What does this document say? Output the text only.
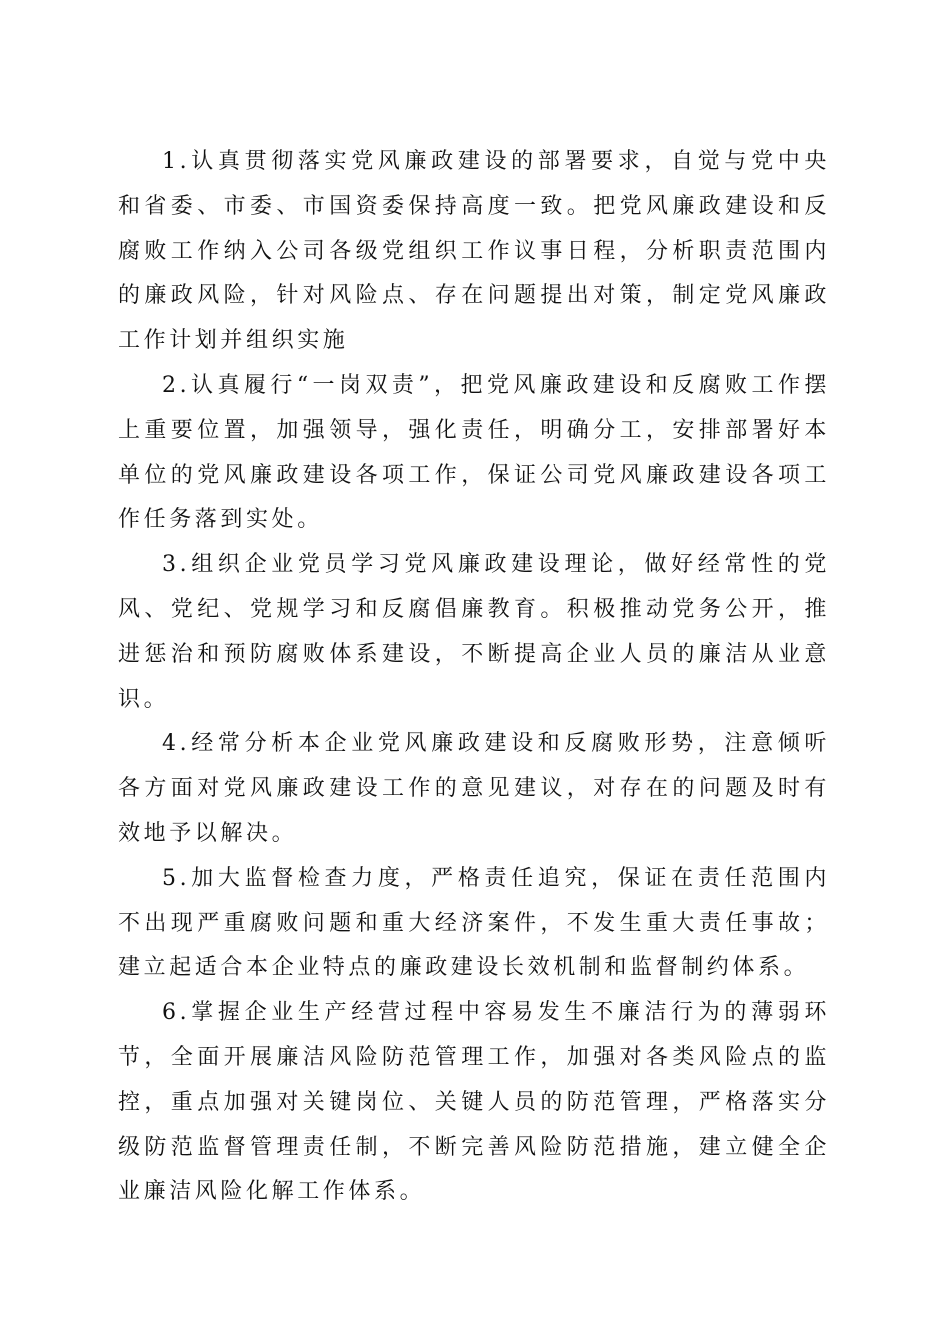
1.认真贯彻落实党风廉政建设的部署要求，自觉与党中央和省委、市委、市国资委保持高度一致。把党风廉政建设和反腐败工作纳入公司各级党组织工作议事日程，分析职责范围内的廉政风险，针对风险点、存在问题提出对策，制定党风廉政工作计划并组织实施

2.认真履行“一岗双责”，把党风廉政建设和反腐败工作摆上重要位置，加强领导，强化责任，明确分工，安排部署好本单位的党风廉政建设各项工作，保证公司党风廉政建设各项工作任务落到实处。

3.组织企业党员学习党风廉政建设理论，做好经常性的党风、党纪、党规学习和反腐倡廉教育。积极推动党务公开，推进惩治和预防腐败体系建设，不断提高企业人员的廉洁从业意识。

4.经常分析本企业党风廉政建设和反腐败形势，注意倾听各方面对党风廉政建设工作的意见建议，对存在的问题及时有效地予以解决。

5.加大监督检查力度，严格责任追究，保证在责任范围内不出现严重腐败问题和重大经济案件，不发生重大责任事故；建立起适合本企业特点的廉政建设长效机制和监督制约体系。

6.掌握企业生产经营过程中容易发生不廉洁行为的薄弱环节，全面开展廉洁风险防范管理工作，加强对各类风险点的监控，重点加强对关键岗位、关键人员的防范管理，严格落实分级防范监督管理责任制，不断完善风险防范措施，建立健全企业廉洁风险化解工作体系。
